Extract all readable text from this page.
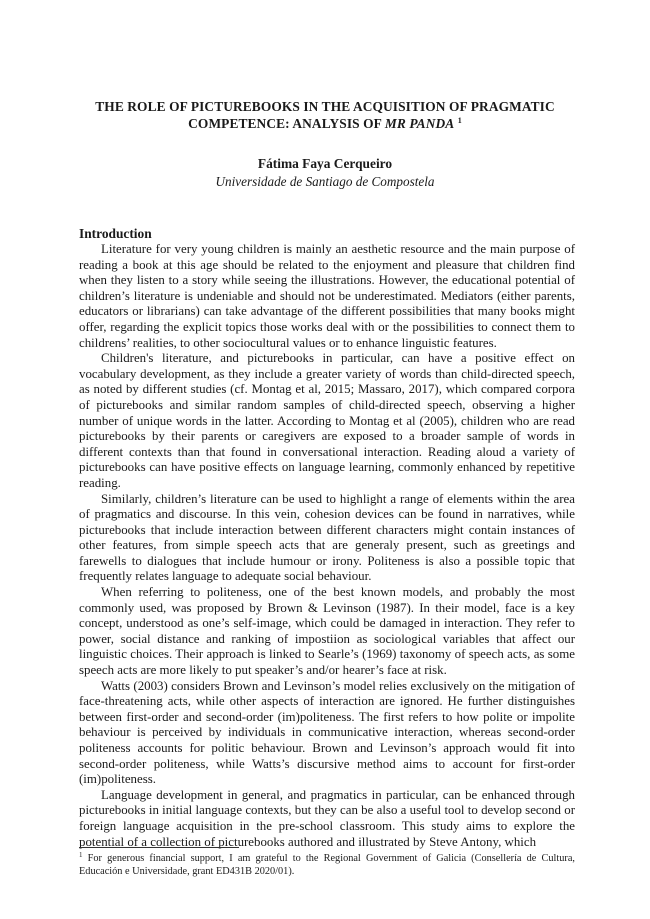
THE ROLE OF PICTUREBOOKS IN THE ACQUISITION OF PRAGMATIC
COMPETENCE: ANALYSIS OF MR PANDA $^1$
Fátima Faya Cerqueiro
Universidade de Santiago de Compostela
Introduction

Literature for very young children is mainly an aesthetic resource and the main purpose of reading a book at this age should be related to the enjoyment and pleasure that children find when they listen to a story while seeing the illustrations. However, the educational potential of children’s literature is undeniable and should not be underestimated. Mediators (either parents, educators or librarians) can take advantage of the different possibilities that many books might offer, regarding the explicit topics those works deal with or the possibilities to connect them to childrens’ realities, to other sociocultural values or to enhance linguistic features.

Children's literature, and picturebooks in particular, can have a positive effect on vocabulary development, as they include a greater variety of words than child-directed speech, as noted by different studies (cf. Montag et al, 2015; Massaro, 2017), which compared corpora of picturebooks and similar random samples of child-directed speech, observing a higher number of unique words in the latter. According to Montag et al (2005), children who are read picturebooks by their parents or caregivers are exposed to a broader sample of words in different contexts than that found in conversational interaction. Reading aloud a variety of picturebooks can have positive effects on language learning, commonly enhanced by repetitive reading.

Similarly, children’s literature can be used to highlight a range of elements within the area of pragmatics and discourse. In this vein, cohesion devices can be found in narratives, while picturebooks that include interaction between different characters might contain instances of other features, from simple speech acts that are generaly present, such as greetings and farewells to dialogues that include humour or irony. Politeness is also a possible topic that frequently relates language to adequate social behaviour.

When referring to politeness, one of the best known models, and probably the most commonly used, was proposed by Brown & Levinson (1987). In their model, face is a key concept, understood as one’s self-image, which could be damaged in interaction. They refer to power, social distance and ranking of impostiion as sociological variables that affect our linguistic choices. Their approach is linked to Searle’s (1969) taxonomy of speech acts, as some speech acts are more likely to put speaker’s and/or hearer’s face at risk.

Watts (2003) considers Brown and Levinson’s model relies exclusively on the mitigation of face-threatening acts, while other aspects of interaction are ignored. He further distinguishes between first-order and second-order (im)politeness. The first refers to how polite or impolite behaviour is perceived by individuals in communicative interaction, whereas second-order politeness accounts for politic behaviour. Brown and Levinson’s approach would fit into second-order politeness, while Watts’s discursive method aims to account for first-order (im)politeness.

Language development in general, and pragmatics in particular, can be enhanced through picturebooks in initial language contexts, but they can be also a useful tool to develop second or foreign language acquisition in the pre-school classroom. This study aims to explore the potential of a collection of picturebooks authored and illustrated by Steve Antony, which

$^1$ For generous financial support, I am grateful to the Regional Government of Galicia (Consellería de Cultura, Educación e Universidade, grant ED431B 2020/01).
